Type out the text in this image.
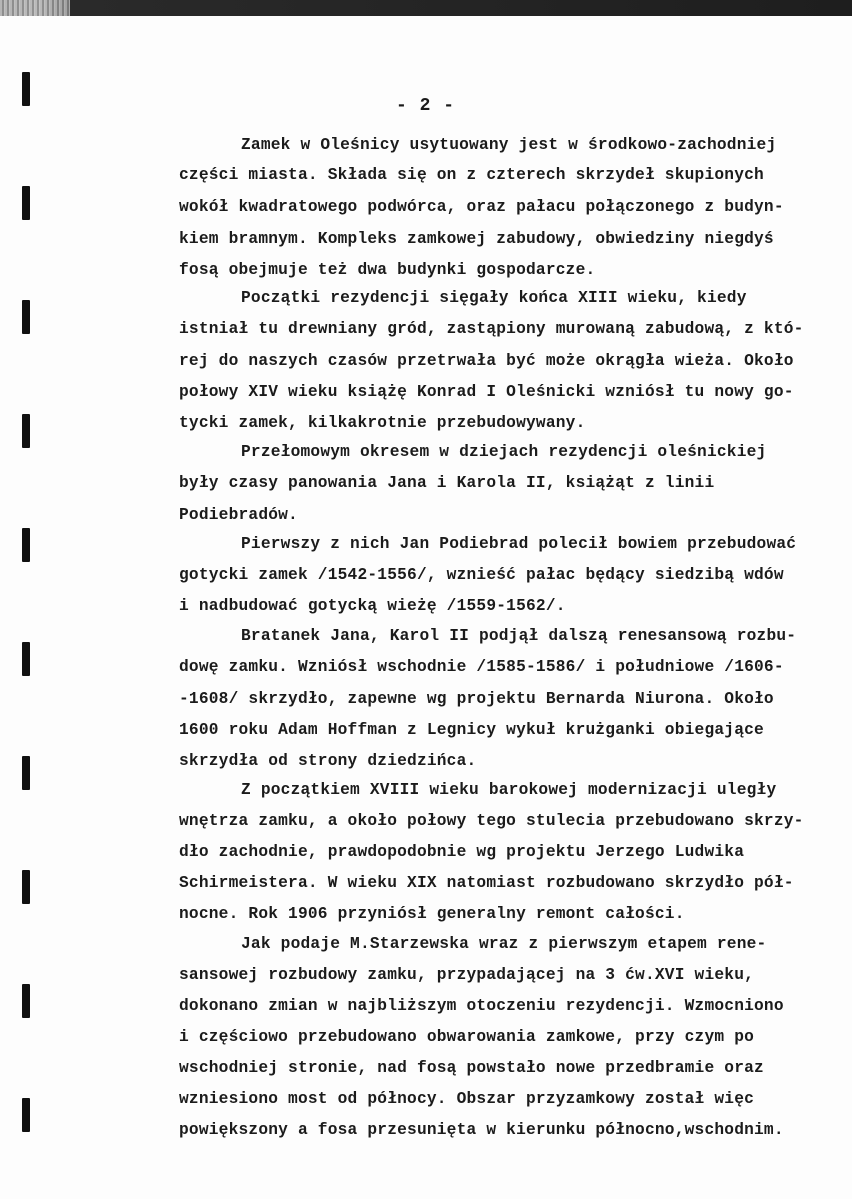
- 2 -
Zamek w Oleśnicy usytuowany jest w środkowo-zachodniej
części miasta. Składa się on z czterech skrzydeł skupionych
wokół kwadratowego podwórca, oraz pałacu połączonego z budyn-
kiem bramnym. Kompleks zamkowej zabudowy, obwiedziny niegdyś
fosą obejmuje też dwa budynki gospodarcze.
Początki rezydencji sięgały końca XIII wieku, kiedy
istniał tu drewniany gród, zastąpiony murowaną zabudową, z któ-
rej do naszych czasów przetrwała być może okrągła wieża. Około
połowy XIV wieku książę Konrad I Oleśnicki wzniósł tu nowy go-
tycki zamek, kilkakrotnie przebudowywany.
Przełomowym okresem w dziejach rezydencji oleśnickiej
były czasy panowania Jana i Karola II, książąt z linii
Podiebradów.
Pierwszy z nich Jan Podiebrad polecił bowiem przebudować
gotycki zamek /1542-1556/, wznieść pałac będący siedzibą wdów
i nadbudować gotycką wieżę /1559-1562/.
Bratanek Jana, Karol II podjął dalszą renesansową rozbu-
dowę zamku. Wzniósł wschodnie /1585-1586/ i południowe /1606-
-1608/ skrzydło, zapewne wg projektu Bernarda Niurona. Około
1600 roku Adam Hoffman z Legnicy wykuł krużganki obiegające
skrzydła od strony dziedzińca.
Z początkiem XVIII wieku barokowej modernizacji uległy
wnętrza zamku, a około połowy tego stulecia przebudowano skrzy-
dło zachodnie, prawdopodobnie wg projektu Jerzego Ludwika
Schirmeistera. W wieku XIX natomiast rozbudowano skrzydło pół-
nocne. Rok 1906 przyniósł generalny remont całości.
Jak podaje M.Starzewska wraz z pierwszym etapem rene-
sansowej rozbudowy zamku, przypadającej na 3 ćw.XVI wieku,
dokonano zmian w najbliższym otoczeniu rezydencji. Wzmocniono
i częściowo przebudowano obwarowania zamkowe, przy czym po
wschodniej stronie, nad fosą powstało nowe przedbramie oraz
wzniesiono most od północy. Obszar przyzamkowy został więc
powiększony a fosa przesunięta w kierunku północno,wschodnim.
